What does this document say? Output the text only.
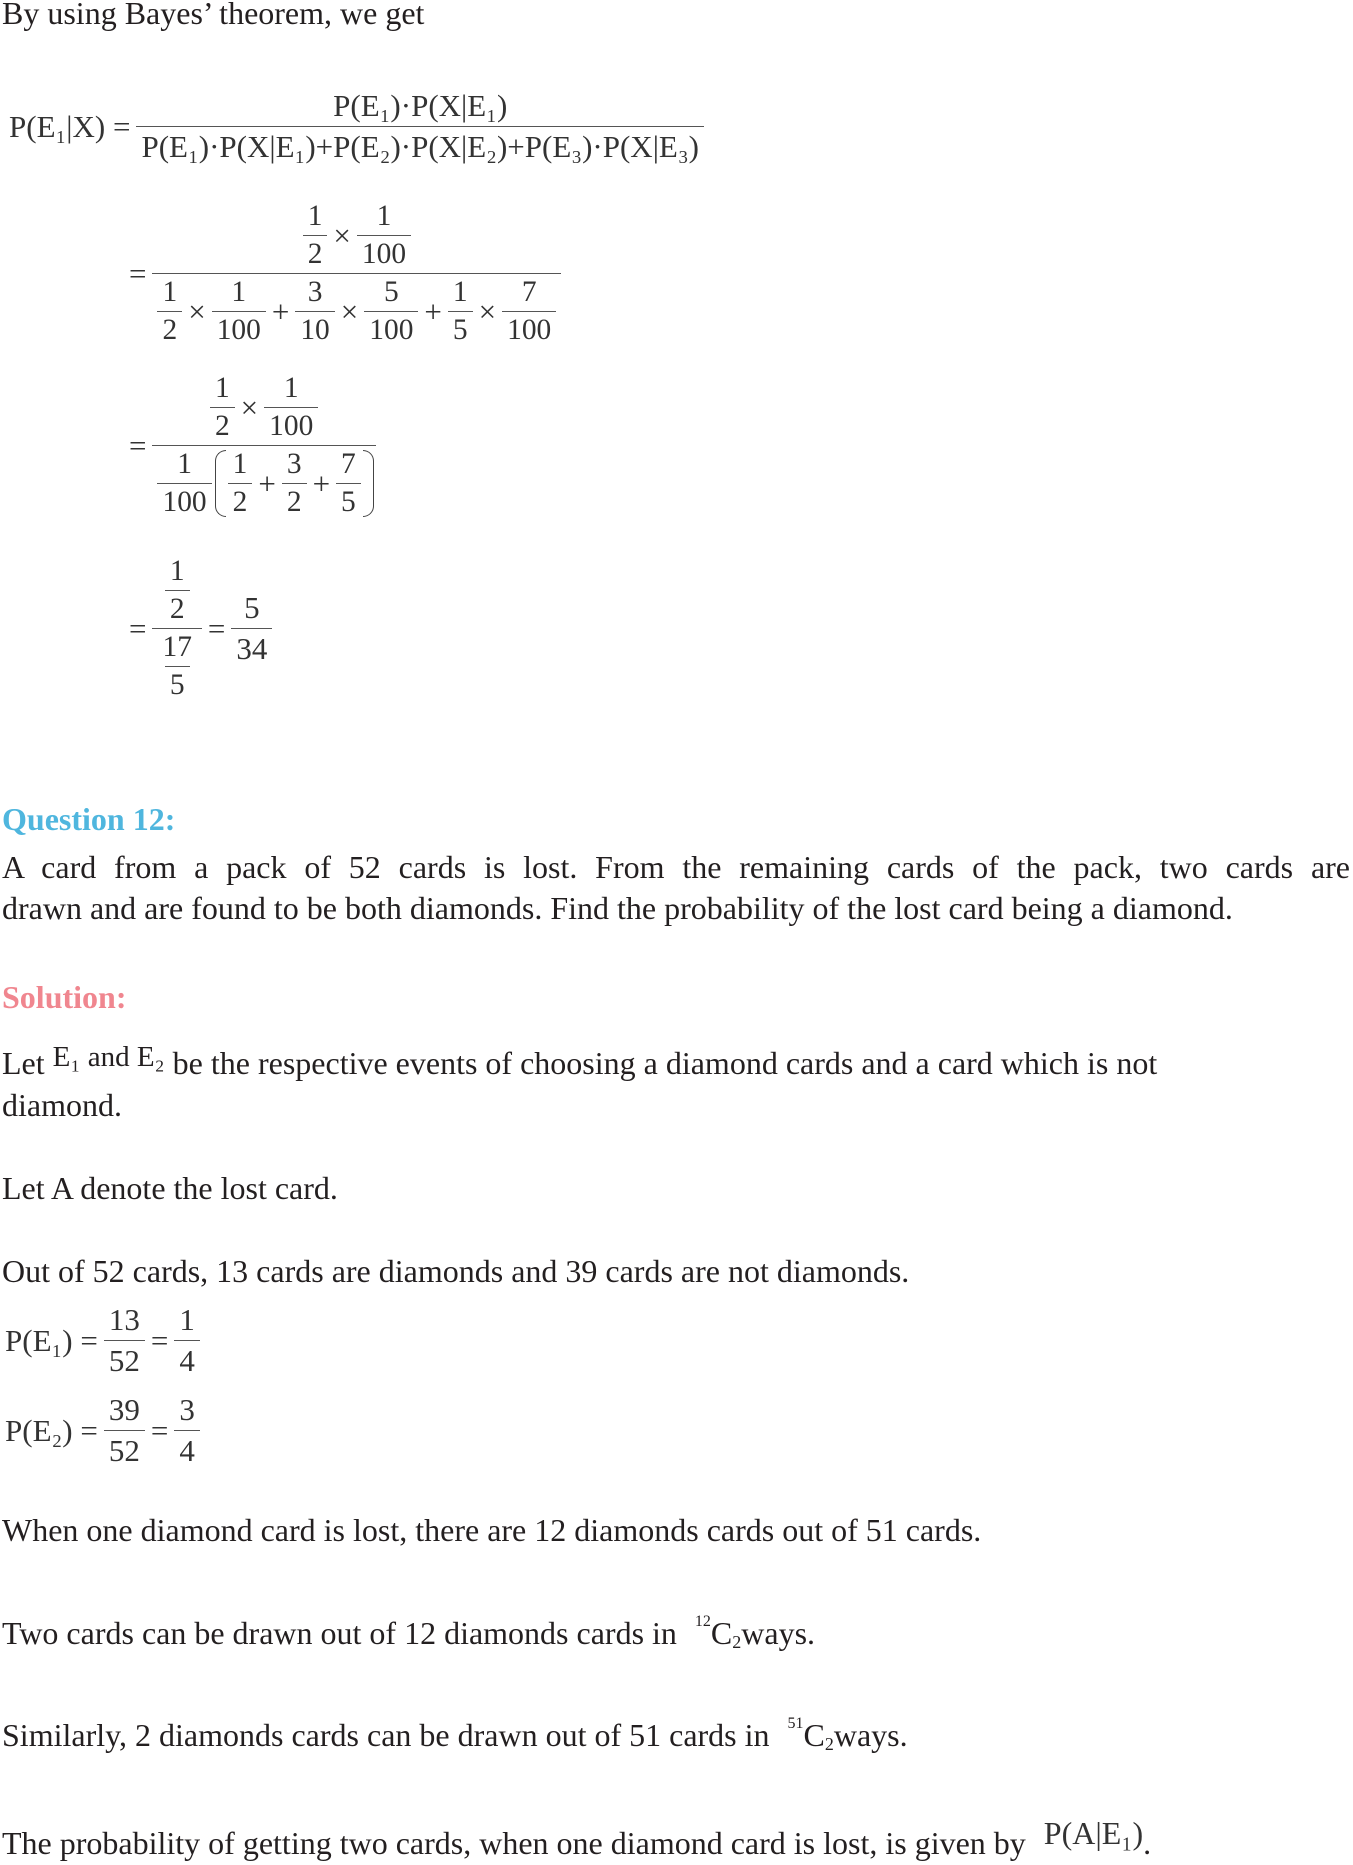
By using Bayes’ theorem, we get
$P(E_1|X) = \frac{\text{P(E₁)·P(X|E₁)}}{\text{P(E₁)·P(X|E₁)+P(E₂)·P(X|E₂)+P(E₃)·P(X|E₃)}}$
= $\frac{\frac{1}{2} \times \frac{1}{100}}{\frac{1}{2} \times \frac{1}{100} + \frac{3}{10} \times \frac{5}{100} + \frac{1}{5} \times \frac{7}{100}}$
= $\frac{\frac{1}{2} \times \frac{1}{100}}{\frac{1}{100} \frac{1}{2} + \frac{3}{2} + \frac{7}{5}}$
= $\frac{\frac{1}{2}}{\frac{17}{5}} = \frac{5}{34}$
Question 12:
A card from a pack of 52 cards is lost. From the remaining cards of the pack, two cards are
drawn and are found to be both diamonds. Find the probability of the lost card being a diamond.
Solution:
Let E₁ and E₂ be the respective events of choosing a diamond cards and a card which is not
diamond.
Let A denote the lost card.
Out of 52 cards, 13 cards are diamonds and 39 cards are not diamonds.
$P(E_1) = \frac{13}{52} = \frac{1}{4}$
$P(E_2) = \frac{39}{52} = \frac{3}{4}$
When one diamond card is lost, there are 12 diamonds cards out of 51 cards.
Two cards can be drawn out of 12 diamonds cards in $^{12}$C2ways.
Similarly, 2 diamonds cards can be drawn out of 51 cards in $^{51}$C2ways.
The probability of getting two cards, when one diamond card is lost, is given by P(A|E₁).
